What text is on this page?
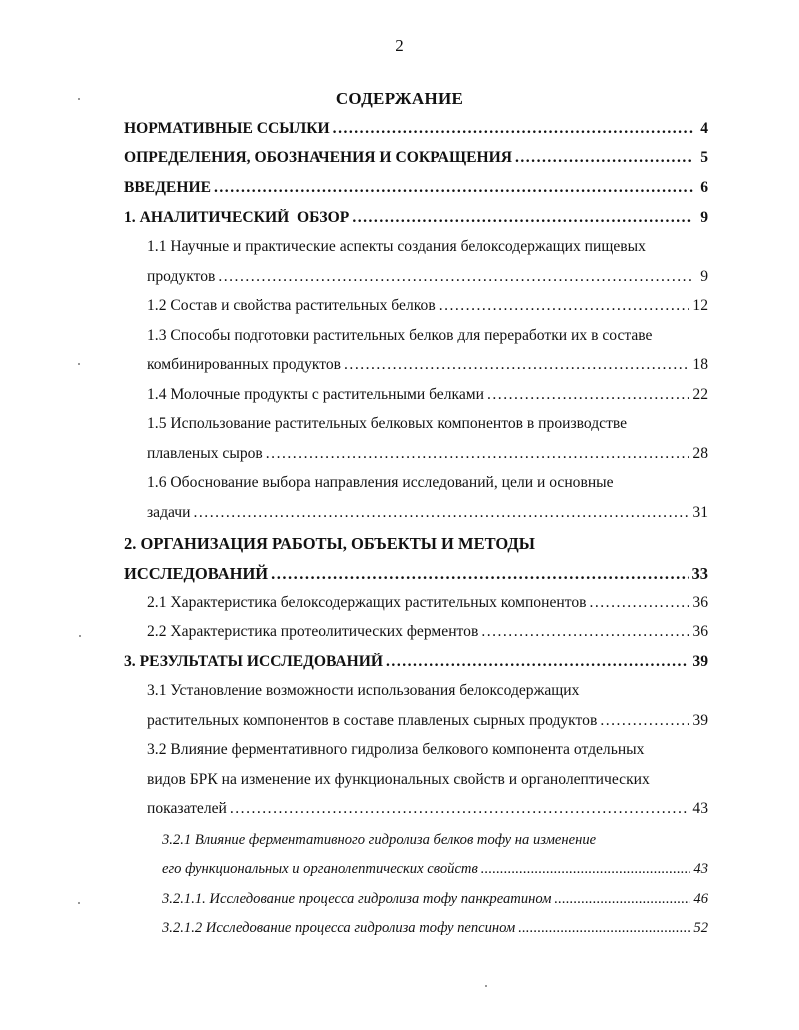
2
СОДЕРЖАНИЕ
НОРМАТИВНЫЕ ССЫЛКИ .....	4
ОПРЕДЕЛЕНИЯ, ОБОЗНАЧЕНИЯ И СОКРАЩЕНИЯ .....	5
ВВЕДЕНИЕ .....	6
1. АНАЛИТИЧЕСКИЙ  ОБЗОР .....	9
1.1 Научные и практические аспекты создания белоксодержащих пищевых
продуктов .....	9
1.2 Состав и свойства растительных белков .....	12
1.3 Способы подготовки растительных белков для переработки их в составе
комбинированных продуктов .....	18
1.4 Молочные продукты с растительными белками .....	22
1.5 Использование растительных белковых компонентов в производстве
плавленых сыров .....	28
1.6 Обоснование выбора направления исследований, цели и основные
задачи .....	31
2. ОРГАНИЗАЦИЯ РАБОТЫ, ОБЪЕКТЫ И МЕТОДЫ
ИССЛЕДОВАНИЙ .....	33
2.1 Характеристика белоксодержащих растительных компонентов .....	36
2.2 Характеристика протеолитических ферментов .....	36
3. РЕЗУЛЬТАТЫ ИССЛЕДОВАНИЙ .....	39
3.1 Установление возможности использования белоксодержащих
растительных компонентов в составе плавленых сырных продуктов .....	39
3.2 Влияние ферментативного гидролиза белкового компонента отдельных
видов БРК на изменение их функциональных свойств и органолептических
показателей .....	43
3.2.1 Влияние ферментативного гидролиза белков тофу на изменение
его функциональных и органолептических свойств .....	43
3.2.1.1. Исследование процесса гидролиза тофу панкреатином .....	46
3.2.1.2 Исследование процесса гидролиза тофу пепсином .....	52
